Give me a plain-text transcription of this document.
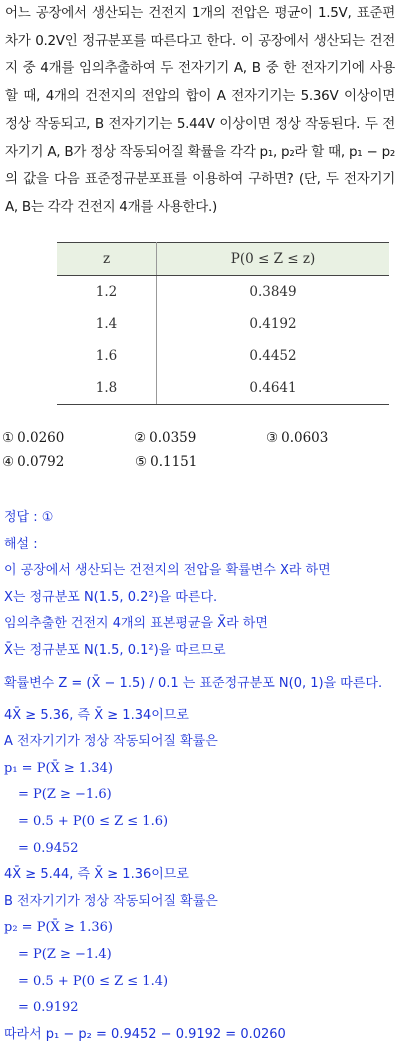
어느 공장에서 생산되는 건전지 1개의 전압은 평균이 1.5V, 표준편차가 0.2V인 정규분포를 따른다고 한다. 이 공장에서 생산되는 건전지 중 4개를 임의추출하여 두 전자기기 A, B 중 한 전자기기에 사용할 때, 4개의 건전지의 전압의 합이 A 전자기기는 5.36V 이상이면 정상 작동되고, B 전자기기는 5.44V 이상이면 정상 작동된다. 두 전자기기 A, B가 정상 작동되어질 확률을 각각 p₁, p₂라 할 때, p₁ − p₂의 값을 다음 표준정규분포표를 이용하여 구하면? (단, 두 전자기기 A, B는 각각 건전지 4개를 사용한다.)

z	P(0 ≤ Z ≤ z)
1.2	0.3849
1.4	0.4192
1.6	0.4452
1.8	0.4641
① 0.0260	② 0.0359	③ 0.0603
④ 0.0792	⑤ 0.1151
정답 : ①
해설 :
이 공장에서 생산되는 건전지의 전압을 확률변수 X라 하면
X는 정규분포 N(1.5, 0.2²)을 따른다.
임의추출한 건전지 4개의 표본평균을 X̄라 하면
X̄는 정규분포 N(1.5, 0.1²)을 따르므로
확률변수 Z = (X̄ − 1.5) / 0.1 는 표준정규분포 N(0, 1)을 따른다.
4X̄ ≥ 5.36, 즉 X̄ ≥ 1.34이므로
A 전자기기가 정상 작동되어질 확률은
p₁ = P(X̄ ≥ 1.34)
= P(Z ≥ −1.6)
= 0.5 + P(0 ≤ Z ≤ 1.6)
= 0.9452
4X̄ ≥ 5.44, 즉 X̄ ≥ 1.36이므로
B 전자기기가 정상 작동되어질 확률은
p₂ = P(X̄ ≥ 1.36)
= P(Z ≥ −1.4)
= 0.5 + P(0 ≤ Z ≤ 1.4)
= 0.9192
따라서 p₁ − p₂ = 0.9452 − 0.9192 = 0.0260
